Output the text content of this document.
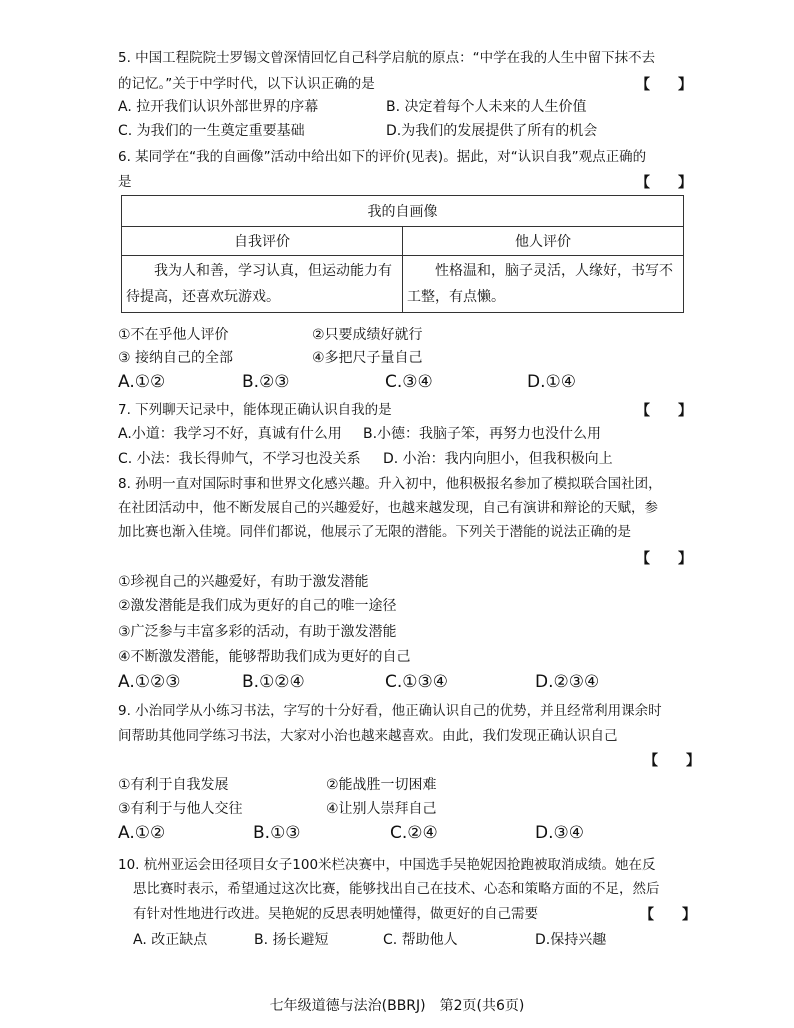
5. 中国工程院院士罗锡文曾深情回忆自己科学启航的原点：“中学在我的人生中留下抹不去
的记忆。”关于中学时代，以下认识正确的是	【　　】
A. 拉开我们认识外部世界的序幕	B. 决定着每个人未来的人生价值
C. 为我们的一生奠定重要基础	D.为我们的发展提供了所有的机会
6. 某同学在“我的自画像”活动中给出如下的评价(见表)。据此，对“认识自我”观点正确的
是	【　　】
我的自画像	
自我评价	他人评价
我为人和善，学习认真，但运动能力有待提高，还喜欢玩游戏。	性格温和，脑子灵活，人缘好，书写不工整，有点懒。
①不在乎他人评价	②只要成绩好就行
③ 接纳自己的全部	④多把尺子量自己
A.①②	B.②③	C.③④	D.①④
7. 下列聊天记录中，能体现正确认识自我的是	【　　】
A.小道：我学习不好，真诚有什么用 B.小德：我脑子笨，再努力也没什么用
C. 小法：我长得帅气，不学习也没关系 D. 小治：我内向胆小，但我积极向上
8. 孙明一直对国际时事和世界文化感兴趣。升入初中，他积极报名参加了模拟联合国社团，
在社团活动中，他不断发展自己的兴趣爱好，也越来越发现，自己有演讲和辩论的天赋，参
加比赛也渐入佳境。同伴们都说，他展示了无限的潜能。下列关于潜能的说法正确的是
【　　】
①珍视自己的兴趣爱好，有助于激发潜能
②激发潜能是我们成为更好的自己的唯一途径
③广泛参与丰富多彩的活动，有助于激发潜能
④不断激发潜能，能够帮助我们成为更好的自己
A.①②③	B.①②④	C.①③④	D.②③④
9. 小治同学从小练习书法，字写的十分好看，他正确认识自己的优势，并且经常利用课余时
间帮助其他同学练习书法，大家对小治也越来越喜欢。由此，我们发现正确认识自己
【　　】
①有利于自我发展	②能战胜一切困难
③有利于与他人交往	④让别人崇拜自己
A.①②	B.①③	C.②④	D.③④
10. 杭州亚运会田径项目女子100米栏决赛中，中国选手吴艳妮因抢跑被取消成绩。她在反
思比赛时表示，希望通过这次比赛，能够找出自己在技术、心态和策略方面的不足，然后
有针对性地进行改进。吴艳妮的反思表明她懂得，做更好的自己需要	【　　】
A. 改正缺点	B. 扬长避短	C. 帮助他人	D.保持兴趣
七年级道德与法治(BBRJ)　第2页(共6页)
